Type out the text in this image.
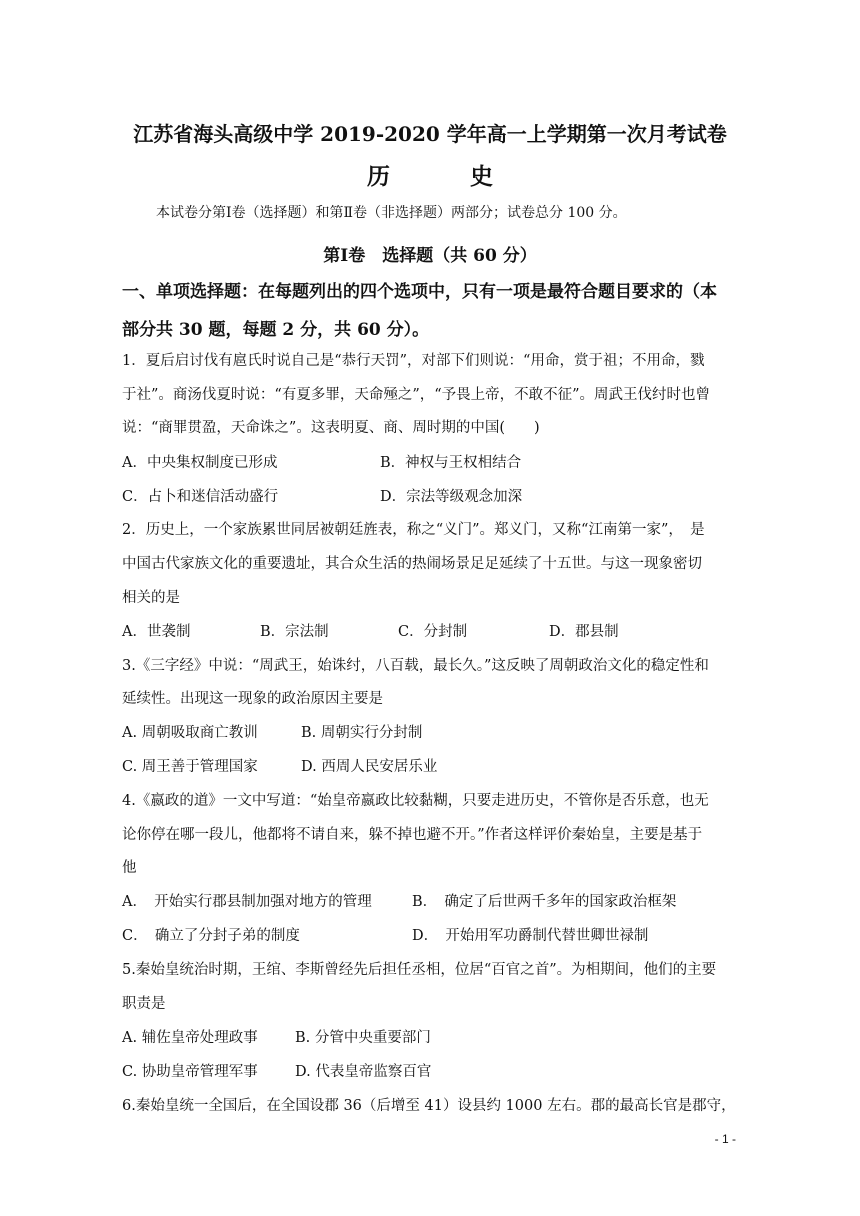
江苏省海头高级中学 2019-2020 学年高一上学期第一次月考试卷
历	史
本试卷分第Ⅰ卷（选择题）和第Ⅱ卷（非选择题）两部分；试卷总分 100 分。
第Ⅰ卷　选择题（共 60 分）
一、单项选择题：在每题列出的四个选项中，只有一项是最符合题目要求的（本
部分共 30 题，每题 2 分，共 60 分）。
1．夏后启讨伐有扈氏时说自己是“恭行天罚”，对部下们则说：“用命，赏于祖；不用命，戮
于社”。商汤伐夏时说：“有夏多罪，天命殛之”，“予畏上帝，不敢不征”。周武王伐纣时也曾
说：“商罪贯盈，天命诛之”。这表明夏、商、周时期的中国(　　)
A．中央集权制度已形成	B．神权与王权相结合
C．占卜和迷信活动盛行	D．宗法等级观念加深
2．历史上，一个家族累世同居被朝廷旌表，称之“义门”。郑义门，又称“江南第一家”，　是
中国古代家族文化的重要遗址，其合众生活的热闹场景足足延续了十五世。与这一现象密切
相关的是
A．世袭制	B．宗法制	C．分封制	D．郡县制
3.《三字经》中说：“周武王，始诛纣，八百载，最长久。”这反映了周朝政治文化的稳定性和
延续性。出现这一现象的政治原因主要是
A. 周朝吸取商亡教训	B. 周朝实行分封制
C. 周王善于管理国家	D. 西周人民安居乐业
4.《嬴政的道》一文中写道：“始皇帝嬴政比较黏糊，只要走进历史，不管你是否乐意，也无
论你停在哪一段儿，他都将不请自来，躲不掉也避不开。”作者这样评价秦始皇，主要是基于
他
A．　开始实行郡县制加强对地方的管理	B．　确定了后世两千多年的国家政治框架
C．　确立了分封子弟的制度	D．　开始用军功爵制代替世卿世禄制
5.秦始皇统治时期，王绾、李斯曾经先后担任丞相，位居“百官之首”。为相期间，他们的主要
职责是
A. 辅佐皇帝处理政事	B. 分管中央重要部门
C. 协助皇帝管理军事	D. 代表皇帝监察百官
6.秦始皇统一全国后，在全国设郡 36（后增至 41）设县约 1000 左右。郡的最高长官是郡守，
- 1 -
